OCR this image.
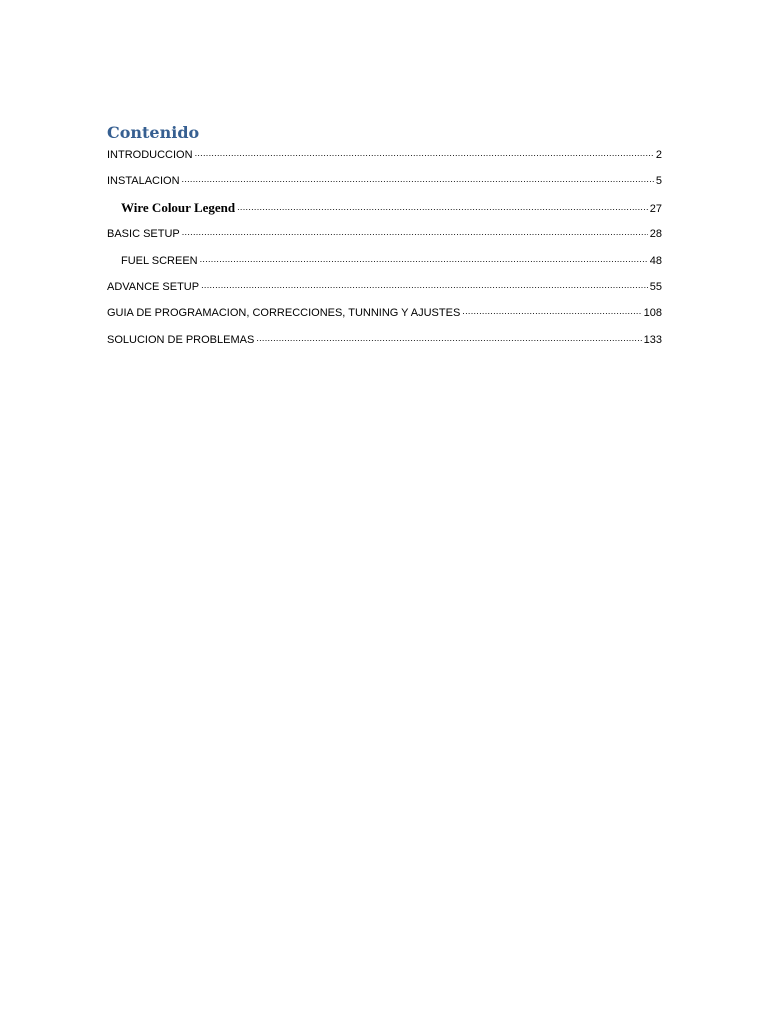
Contenido
INTRODUCCION .....	2
INSTALACION .....	5
Wire Colour Legend .....	27
BASIC SETUP .....	28
FUEL SCREEN .....	48
ADVANCE SETUP .....	55
GUIA DE PROGRAMACION, CORRECCIONES, TUNNING Y AJUSTES .....	108
SOLUCION DE PROBLEMAS .....	133
